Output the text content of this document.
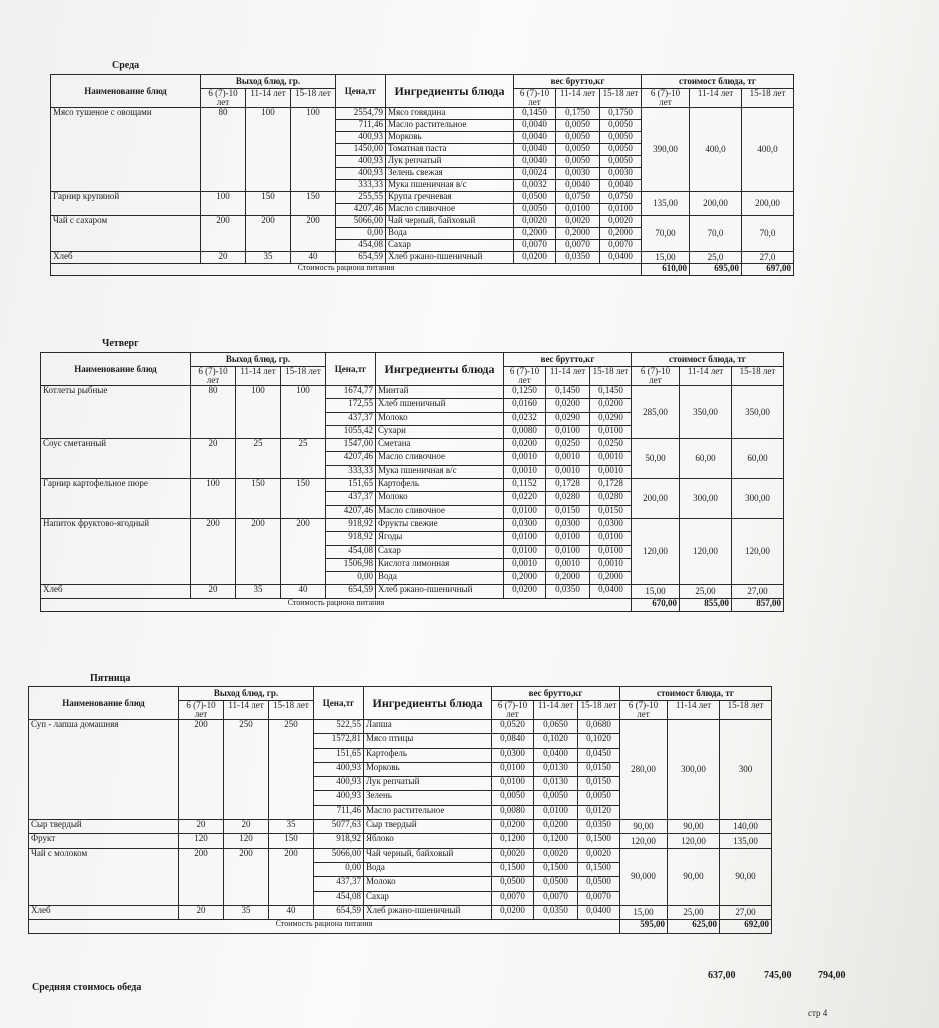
Среда
Наименование блюд	Выход блюд, гр.			Цена,тг	Ингредиенты блюда	вес брутто,кг			стоимост блюда, тг		
	6 (7)-10 лет	11-14 лет	15-18 лет			6 (7)-10 лет	11-14 лет	15-18 лет	6 (7)-10 лет	11-14 лет	15-18 лет
Мясо тушеное с овощами	80	100	100	2554,79	Мясо говядина	0,1450	0,1750	0,1750	390,00	400,0	400,0
				711,46	Масло растительное	0,0040	0,0050	0,0050			
				400,93	Морковь	0,0040	0,0050	0,0050			
				1450,00	Томатная паста	0,0040	0,0050	0,0050			
				400,93	Лук репчатый	0,0040	0,0050	0,0050			
				400,93	Зелень свежая	0,0024	0,0030	0,0030			
				333,33	Мука пшеничная в/с	0,0032	0,0040	0,0040			
Гарнир крупяной	100	150	150	255,55	Крупа гречневая	0,0500	0,0750	0,0750	135,00	200,00	200,00
				4207,46	Масло сливочное	0,0050	0,0100	0,0100			
Чай с сахаром	200	200	200	5066,00	Чай черный, байховый	0,0020	0,0020	0,0020	70,00	70,0	70,0
				0,00	Вода	0,2000	0,2000	0,2000			
				454,08	Сахар	0,0070	0,0070	0,0070			
Хлеб	20	35	40	654,59	Хлеб ржано-пшеничный	0,0200	0,0350	0,0400	15,00	25,0	27,0
Стоимость рациона питания									610,00	695,00	697,00
Четверг
Наименование блюд	Выход блюд, гр.			Цена,тг	Ингредиенты блюда	вес брутто,кг			стоимост блюда, тг		
	6 (7)-10 лет	11-14 лет	15-18 лет			6 (7)-10 лет	11-14 лет	15-18 лет	6 (7)-10 лет	11-14 лет	15-18 лет
Котлеты рыбные	80	100	100	1674,77	Минтай	0,1250	0,1450	0,1450	285,00	350,00	350,00
				172,55	Хлеб пшеничный	0,0160	0,0200	0,0200			
				437,37	Молоко	0,0232	0,0290	0,0290			
				1055,42	Сухари	0,0080	0,0100	0,0100			
Соус сметанный	20	25	25	1547,00	Сметана	0,0200	0,0250	0,0250	50,00	60,00	60,00
				4207,46	Масло сливочное	0,0010	0,0010	0,0010			
				333,33	Мука пшеничная в/с	0,0010	0,0010	0,0010			
Гарнир картофельное пюре	100	150	150	151,65	Картофель	0,1152	0,1728	0,1728	200,00	300,00	300,00
				437,37	Молоко	0,0220	0,0280	0,0280			
				4207,46	Масло сливочное	0,0100	0,0150	0,0150			
Напиток фруктово-ягодный	200	200	200	918,92	Фрукты свежие	0,0300	0,0300	0,0300	120,00	120,00	120,00
				918,92	Ягоды	0,0100	0,0100	0,0100			
				454,08	Сахар	0,0100	0,0100	0,0100			
				1506,98	Кислота лимонная	0,0010	0,0010	0,0010			
				0,00	Вода	0,2000	0,2000	0,2000			
Хлеб	20	35	40	654,59	Хлеб ржано-пшеничный	0,0200	0,0350	0,0400	15,00	25,00	27,00
Стоимость рациона питания									670,00	855,00	857,00
Пятница
Наименование блюд	Выход блюд, гр.			Цена,тг	Ингредиенты блюда	вес брутто,кг			стоимост блюда, тг		
	6 (7)-10 лет	11-14 лет	15-18 лет			6 (7)-10 лет	11-14 лет	15-18 лет	6 (7)-10 лет	11-14 лет	15-18 лет
Суп - лапша домашняя	200	250	250	522,55	Лапша	0,0520	0,0650	0,0680	280,00	300,00	300
				1572,81	Мясо птицы	0,0840	0,1020	0,1020			
				151,65	Картофель	0,0300	0,0400	0,0450			
				400,93	Морковь	0,0100	0,0130	0,0150			
				400,93	Лук репчатый	0,0100	0,0130	0,0150			
				400,93	Зелень	0,0050	0,0050	0,0050			
				711,46	Масло растительное	0,0080	0,0100	0,0120			
Сыр твердый	20	20	35	5077,63	Сыр твердый	0,0200	0,0200	0,0350	90,00	90,00	140,00
Фрукт	120	120	150	918,92	Яблоко	0,1200	0,1200	0,1500	120,00	120,00	135,00
Чай с молоком	200	200	200	5066,00	Чай черный, байховый	0,0020	0,0020	0,0020	90,000	90,00	90,00
				0,00	Вода	0,1500	0,1500	0,1500			
				437,37	Молоко	0,0500	0,0500	0,0500			
				454,08	Сахар	0,0070	0,0070	0,0070			
Хлеб	20	35	40	654,59	Хлеб ржано-пшеничный	0,0200	0,0350	0,0400	15,00	25,00	27,00
Стоимость рациона питания									595,00	625,00	692,00
Средняя стоимось обеда
637,00	745,00	794,00
стр 4
